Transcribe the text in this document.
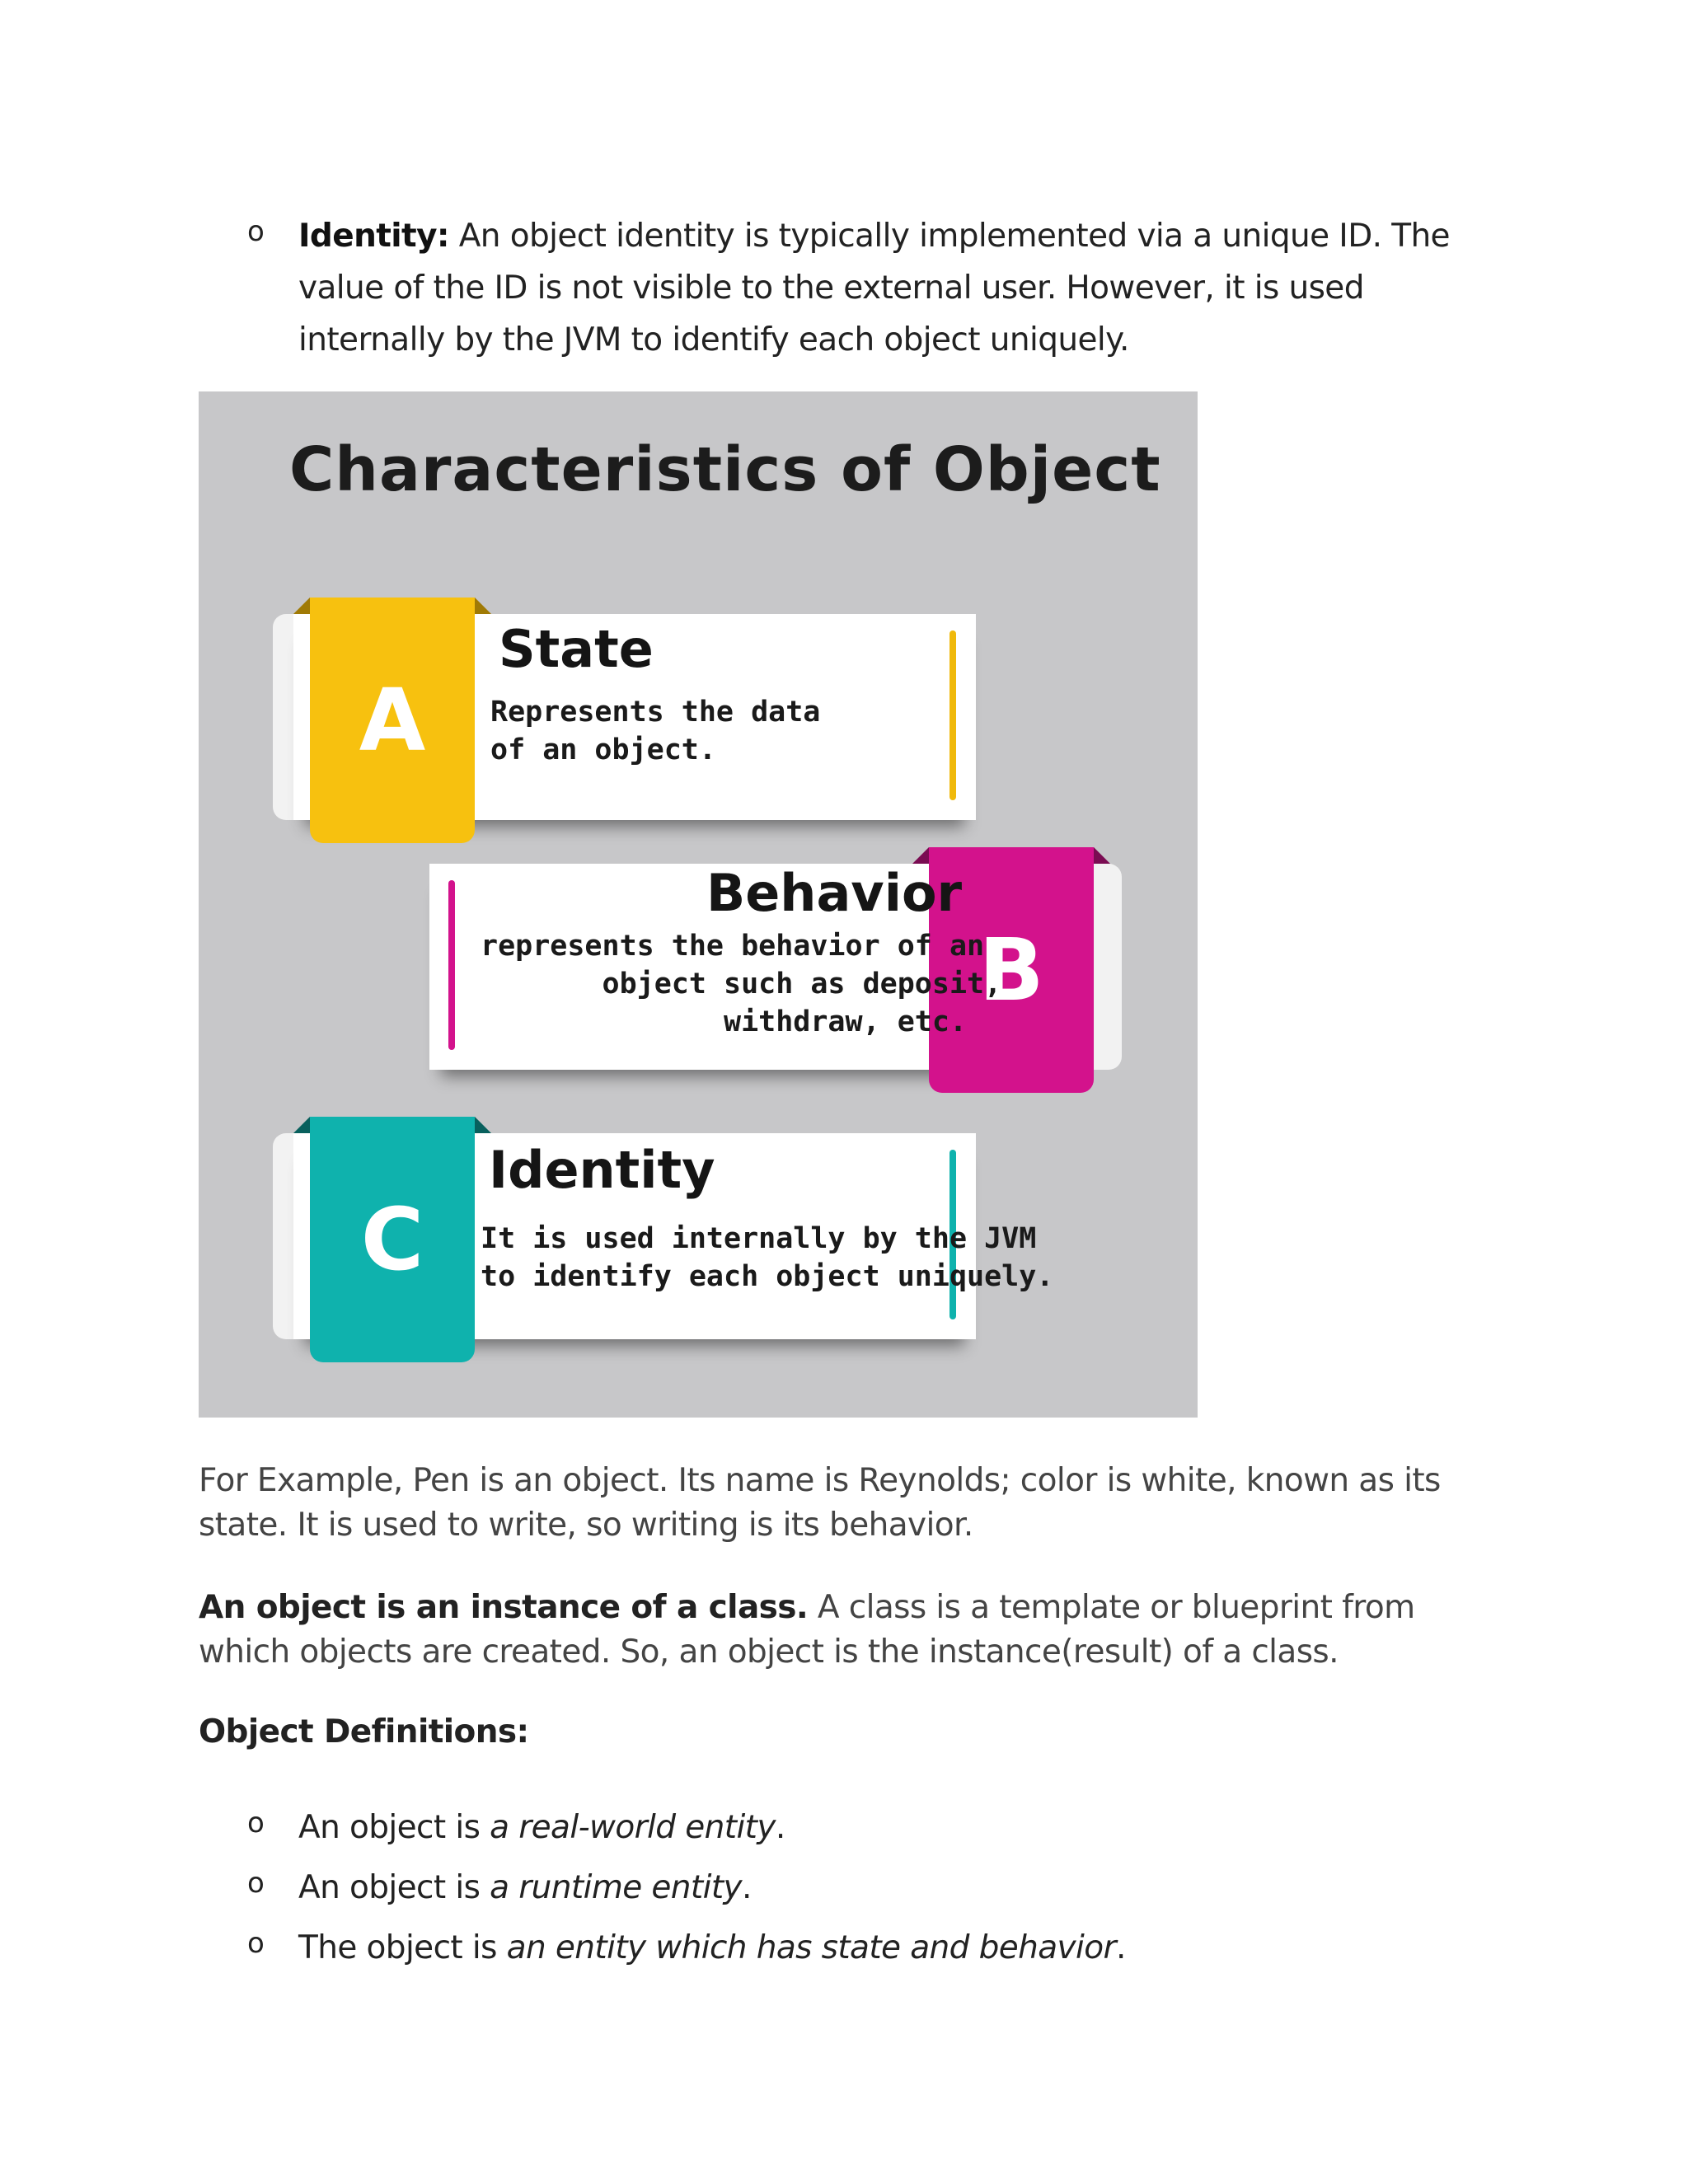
o Identity: An object identity is typically implemented via a unique ID. The value of the ID is not visible to the external user. However, it is used internally by the JVM to identify each object uniquely.
Characteristics of Object
A
State
Represents the data
of an object.
B
Behavior
represents the behavior of an
object such as deposit,
withdraw, etc.
C
Identity
It is used internally by the JVM
to identify each object uniquely.
For Example, Pen is an object. Its name is Reynolds; color is white, known as its state. It is used to write, so writing is its behavior.
An object is an instance of a class. A class is a template or blueprint from which objects are created. So, an object is the instance(result) of a class.
Object Definitions:
o An object is a real-world entity.
o An object is a runtime entity.
o The object is an entity which has state and behavior.
